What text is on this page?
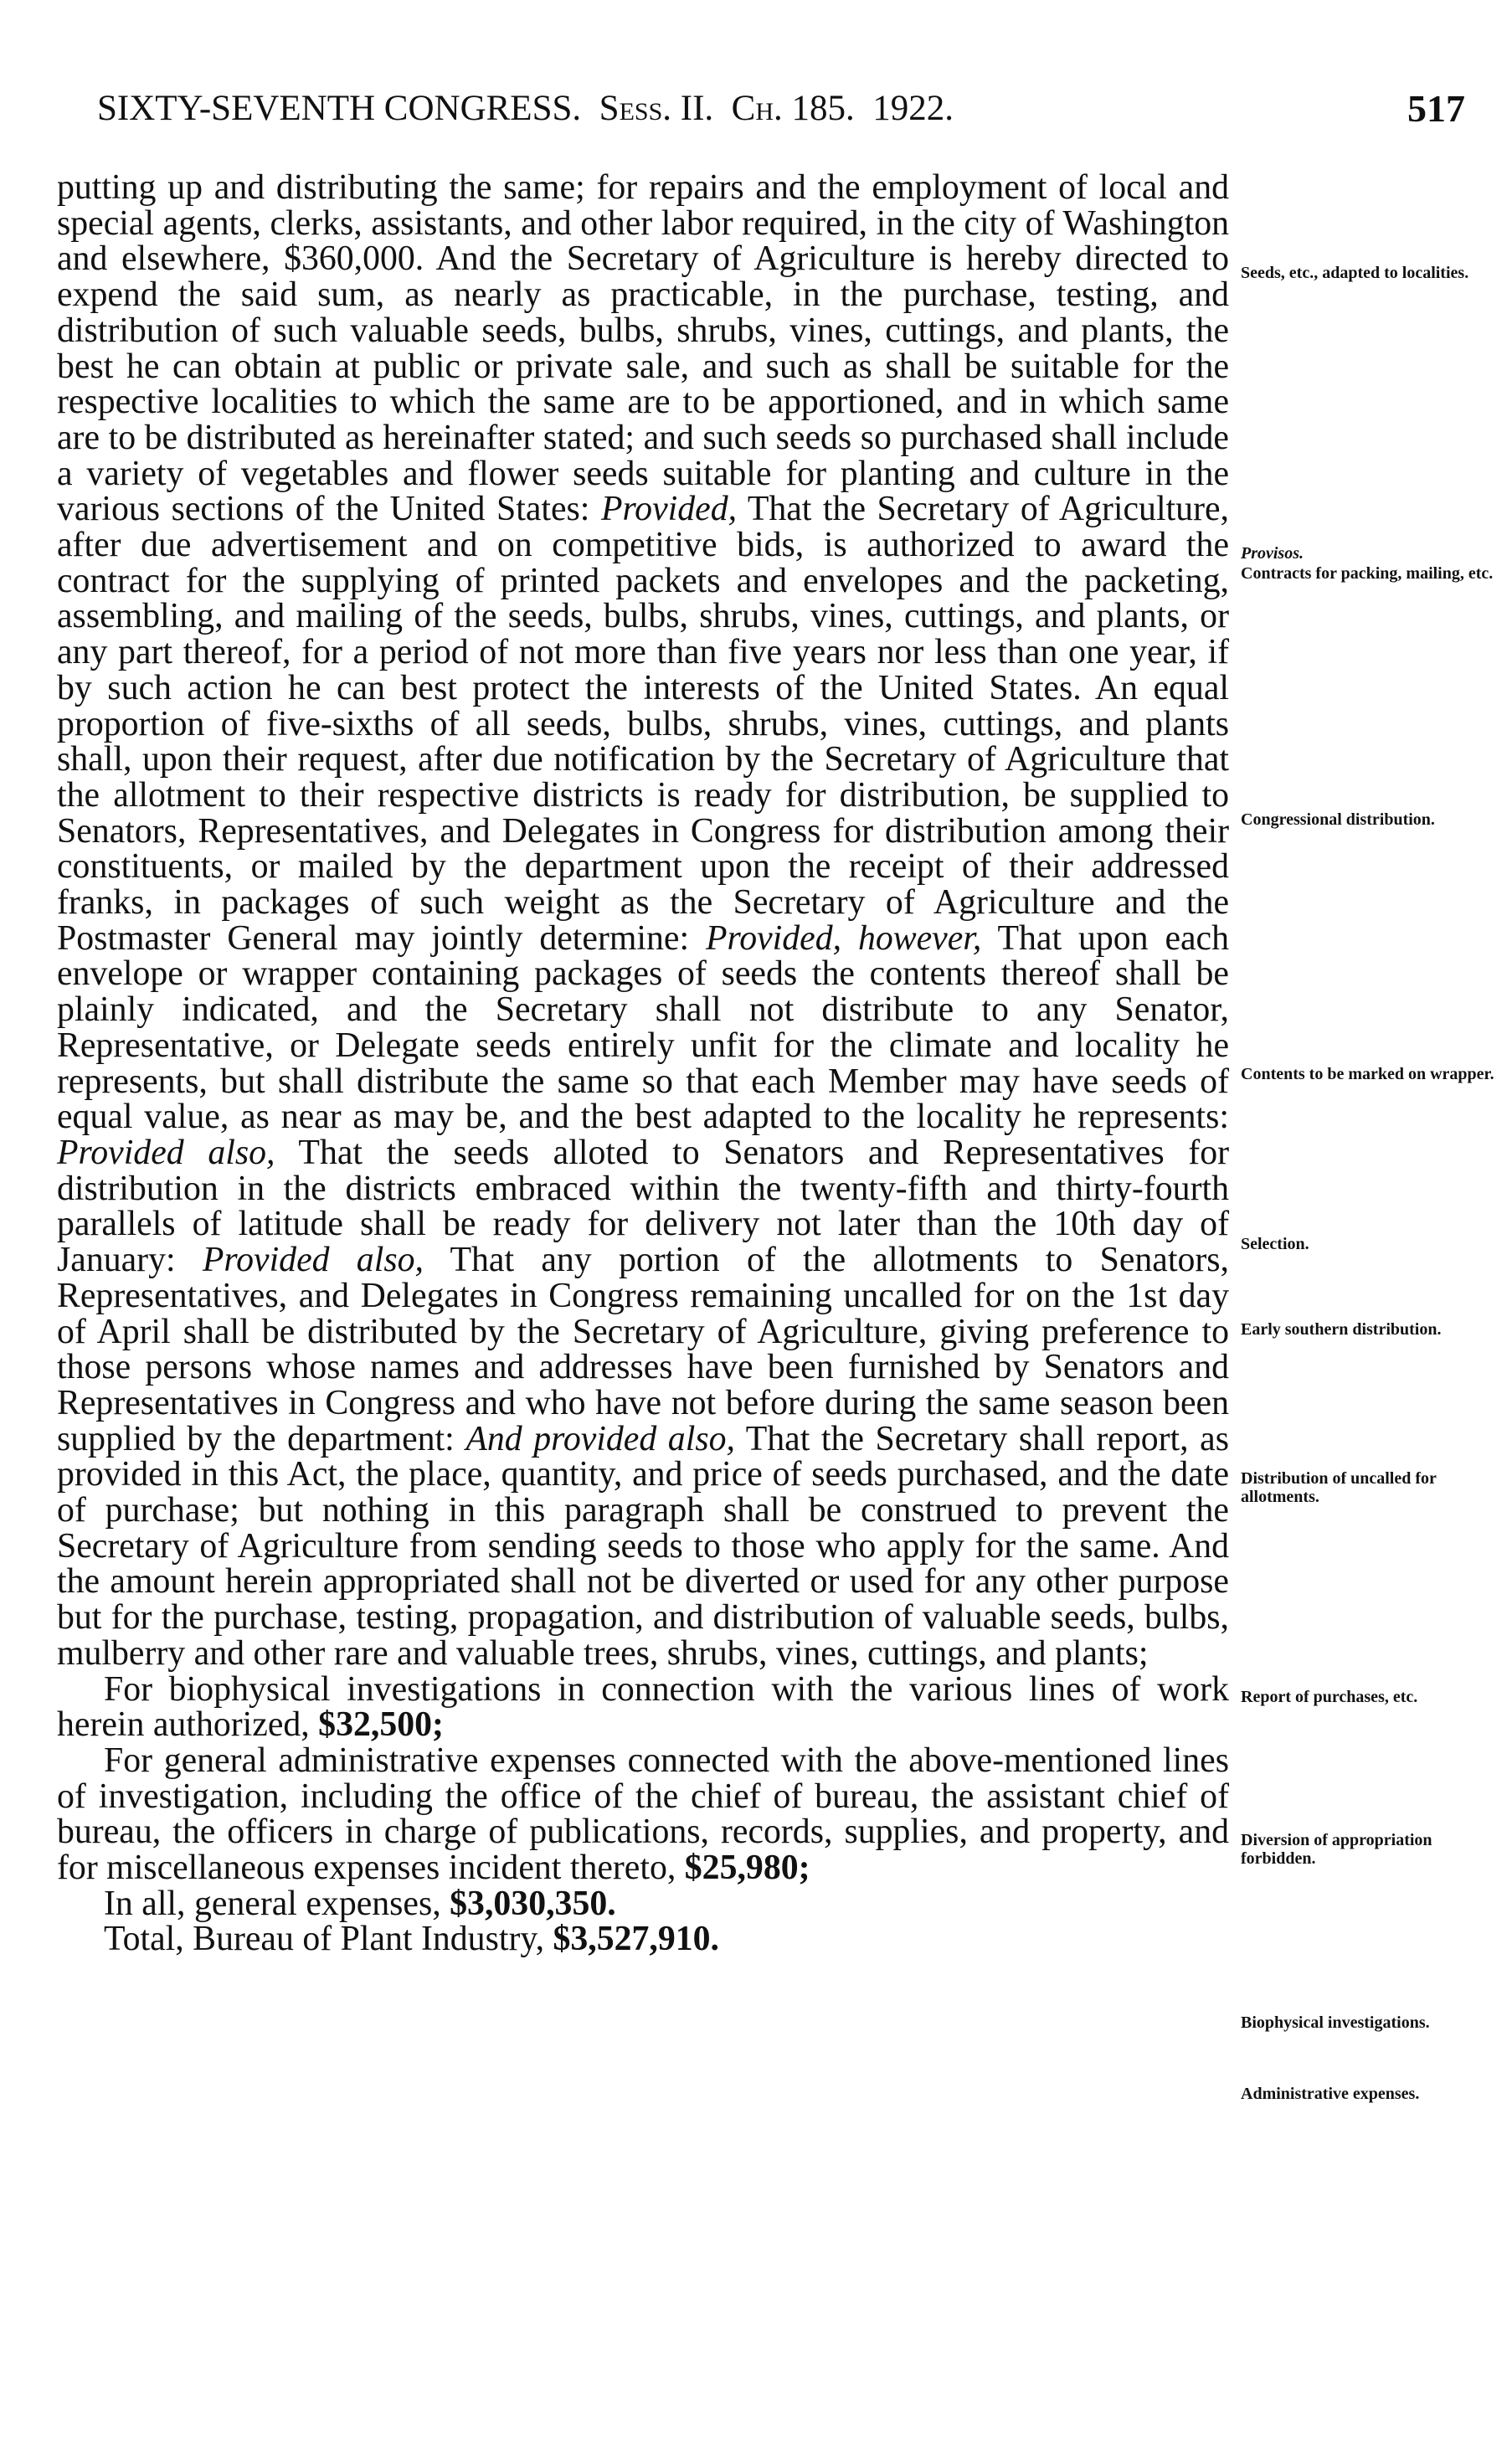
SIXTY-SEVENTH CONGRESS. Sess. II. Ch. 185. 1922.	517

putting up and distributing the same; for repairs and the employment of local and special agents, clerks, assistants, and other labor required, in the city of Washington and elsewhere, $360,000. And the Secretary of Agriculture is hereby directed to expend the said sum, as nearly as practicable, in the purchase, testing, and distribution of such valuable seeds, bulbs, shrubs, vines, cuttings, and plants, the best he can obtain at public or private sale, and such as shall be suitable for the respective localities to which the same are to be apportioned, and in which same are to be distributed as hereinafter stated; and such seeds so purchased shall include a variety of vegetables and flower seeds suitable for planting and culture in the various sections of the United States: Provided, That the Secretary of Agriculture, after due advertisement and on competitive bids, is authorized to award the contract for the supplying of printed packets and envelopes and the packeting, assembling, and mailing of the seeds, bulbs, shrubs, vines, cuttings, and plants, or any part thereof, for a period of not more than five years nor less than one year, if by such action he can best protect the interests of the United States. An equal proportion of five-sixths of all seeds, bulbs, shrubs, vines, cuttings, and plants shall, upon their request, after due notification by the Secretary of Agriculture that the allotment to their respective districts is ready for distribution, be supplied to Senators, Representatives, and Delegates in Congress for distribution among their constituents, or mailed by the department upon the receipt of their addressed franks, in packages of such weight as the Secretary of Agriculture and the Postmaster General may jointly determine: Provided, however, That upon each envelope or wrapper containing packages of seeds the contents thereof shall be plainly indicated, and the Secretary shall not distribute to any Senator, Representative, or Delegate seeds entirely unfit for the climate and locality he represents, but shall distribute the same so that each Member may have seeds of equal value, as near as may be, and the best adapted to the locality he represents: Provided also, That the seeds alloted to Senators and Representatives for distribution in the districts embraced within the twenty-fifth and thirty-fourth parallels of latitude shall be ready for delivery not later than the 10th day of January: Provided also, That any portion of the allotments to Senators, Representatives, and Delegates in Congress remaining uncalled for on the 1st day of April shall be distributed by the Secretary of Agriculture, giving preference to those persons whose names and addresses have been furnished by Senators and Representatives in Congress and who have not before during the same season been supplied by the department: And provided also, That the Secretary shall report, as provided in this Act, the place, quantity, and price of seeds purchased, and the date of purchase; but nothing in this paragraph shall be construed to prevent the Secretary of Agriculture from sending seeds to those who apply for the same. And the amount herein appropriated shall not be diverted or used for any other purpose but for the purchase, testing, propagation, and distribution of valuable seeds, bulbs, mulberry and other rare and valuable trees, shrubs, vines, cuttings, and plants;

For biophysical investigations in connection with the various lines of work herein authorized, $32,500;

For general administrative expenses connected with the above-mentioned lines of investigation, including the office of the chief of bureau, the assistant chief of bureau, the officers in charge of publications, records, supplies, and property, and for miscellaneous expenses incident thereto, $25,980;

In all, general expenses, $3,030,350.

Total, Bureau of Plant Industry, $3,527,910.

Seeds, etc., adapted to localities.
Provisos.
Contracts for packing, mailing, etc.
Congressional distribution.
Contents to be marked on wrapper.
Selection.
Early southern distribution.
Distribution of uncalled for allotments.
Report of purchases, etc.
Diversion of appropriation forbidden.
Biophysical investigations.
Administrative expenses.
